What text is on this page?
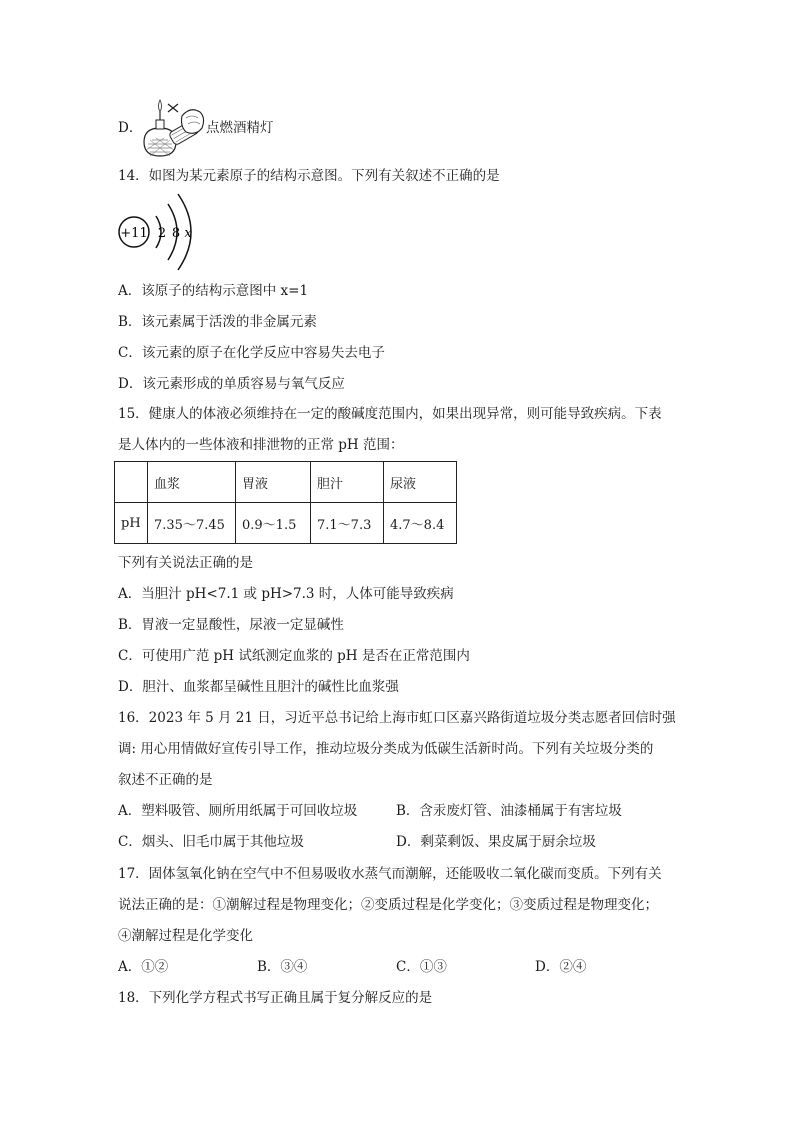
D．	点燃酒精灯
14．如图为某元素原子的结构示意图。下列有关叙述不正确的是
+11 2 8 x
A．该原子的结构示意图中 x=1
B．该元素属于活泼的非金属元素
C．该元素的原子在化学反应中容易失去电子
D．该元素形成的单质容易与氧气反应
15．健康人的体液必须维持在一定的酸碱度范围内，如果出现异常，则可能导致疾病。下表
是人体内的一些体液和排泄物的正常 pH 范围：
	血浆	胃液	胆汁	尿液
pH	7.35～7.45	0.9～1.5	7.1～7.3	4.7～8.4
下列有关说法正确的是
A．当胆汁 pH<7.1 或 pH>7.3 时，人体可能导致疾病
B．胃液一定显酸性，尿液一定显碱性
C．可使用广范 pH 试纸测定血浆的 pH 是否在正常范围内
D．胆汁、血浆都呈碱性且胆汁的碱性比血浆强
16．2023 年 5 月 21 日，习近平总书记给上海市虹口区嘉兴路街道垃圾分类志愿者回信时强
调: 用心用情做好宣传引导工作，推动垃圾分类成为低碳生活新时尚。下列有关垃圾分类的
叙述不正确的是
A．塑料吸管、厕所用纸属于可回收垃圾	B．含汞废灯管、油漆桶属于有害垃圾
C．烟头、旧毛巾属于其他垃圾	D．剩菜剩饭、果皮属于厨余垃圾
17．固体氢氧化钠在空气中不但易吸收水蒸气而潮解，还能吸收二氧化碳而变质。下列有关
说法正确的是：①潮解过程是物理变化；②变质过程是化学变化；③变质过程是物理变化；
④潮解过程是化学变化
A．①②	B．③④	C．①③	D．②④
18．下列化学方程式书写正确且属于复分解反应的是
